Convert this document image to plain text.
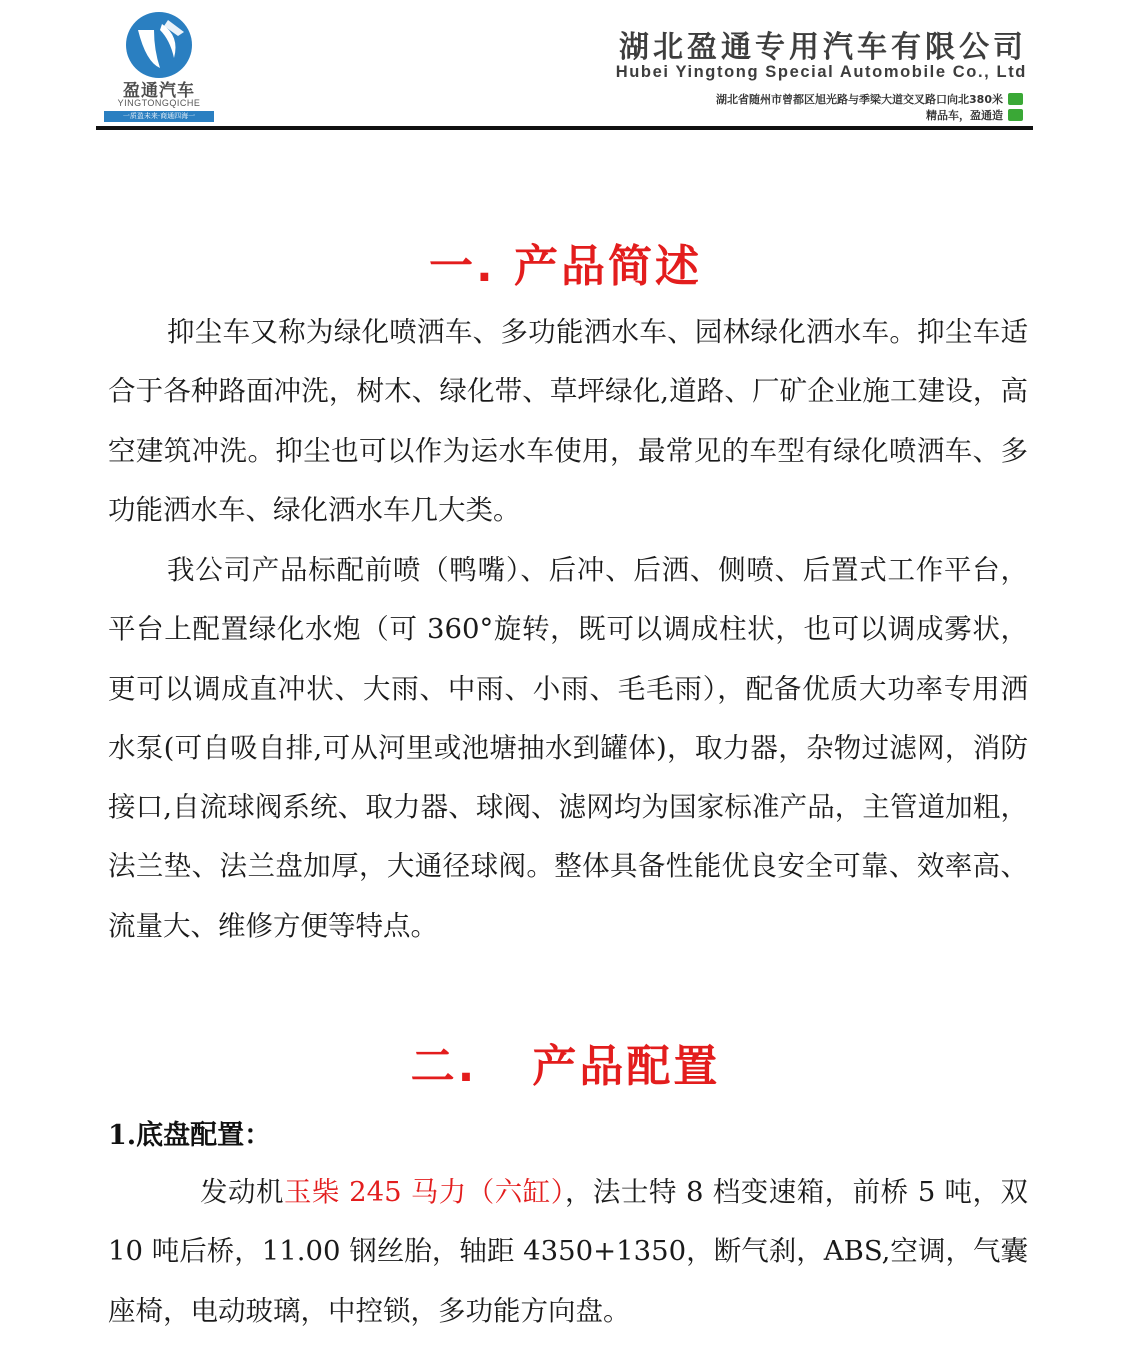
盈通汽车
YINGTONGQICHE
一质盈未来·商通四海一
湖北盈通专用汽车有限公司
Hubei Yingtong Special Automobile Co., Ltd
湖北省随州市曾都区旭光路与季梁大道交叉路口向北380米
精品车，盈通造
一. 产品简述

抑尘车又称为绿化喷洒车、多功能洒水车、园林绿化洒水车。抑尘车适合于各种路面冲洗，树木、绿化带、草坪绿化,道路、厂矿企业施工建设，高空建筑冲洗。抑尘也可以作为运水车使用，最常见的车型有绿化喷洒车、多功能洒水车、绿化洒水车几大类。

我公司产品标配前喷（鸭嘴）、后冲、后洒、侧喷、后置式工作平台，平台上配置绿化水炮（可 360°旋转，既可以调成柱状，也可以调成雾状，更可以调成直冲状、大雨、中雨、小雨、毛毛雨），配备优质大功率专用洒水泵(可自吸自排,可从河里或池塘抽水到罐体)，取力器，杂物过滤网，消防接口,自流球阀系统、取力器、球阀、滤网均为国家标准产品，主管道加粗，法兰垫、法兰盘加厚，大通径球阀。整体具备性能优良安全可靠、效率高、流量大、维修方便等特点。

二.   产品配置
1.底盘配置：

发动机玉柴 245 马力（六缸），法士特 8 档变速箱，前桥 5 吨，双 10 吨后桥，11.00 钢丝胎，轴距 4350+1350，断气刹，ABS,空调，气囊座椅，电动玻璃，中控锁，多功能方向盘。
